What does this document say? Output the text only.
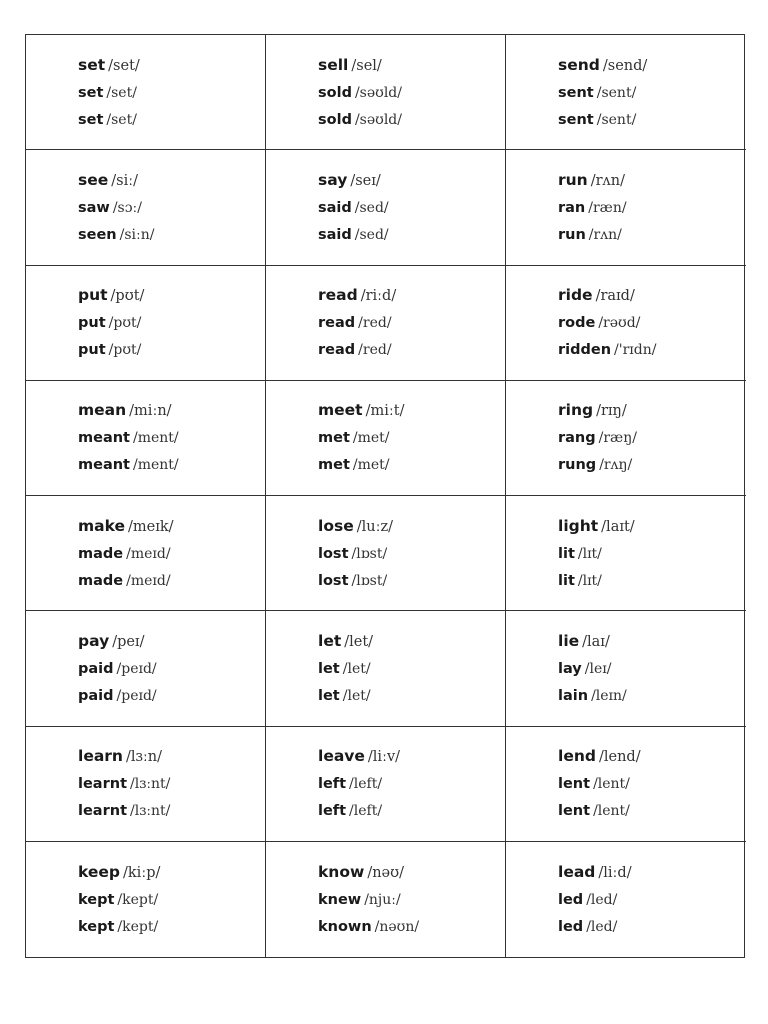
set /set/
set /set/
set /set/
sell /sel/
sold /səʊld/
sold /səʊld/
send /send/
sent /sent/
sent /sent/
see /siː/
saw /sɔː/
seen /siːn/
say /seɪ/
said /sed/
said /sed/
run /rʌn/
ran /ræn/
run /rʌn/
put /pʊt/
put /pʊt/
put /pʊt/
read /riːd/
read /red/
read /red/
ride /raɪd/
rode /rəʊd/
ridden /'rɪdn/
mean /miːn/
meant /ment/
meant /ment/
meet /miːt/
met /met/
met /met/
ring /rɪŋ/
rang /ræŋ/
rung /rʌŋ/
make /meɪk/
made /meɪd/
made /meɪd/
lose /luːz/
lost /lɒst/
lost /lɒst/
light /laɪt/
lit /lɪt/
lit /lɪt/
pay /peɪ/
paid /peɪd/
paid /peɪd/
let /let/
let /let/
let /let/
lie /laɪ/
lay /leɪ/
lain /leɪn/
learn /lɜːn/
learnt /lɜːnt/
learnt /lɜːnt/
leave /liːv/
left /left/
left /left/
lend /lend/
lent /lent/
lent /lent/
keep /kiːp/
kept /kept/
kept /kept/
know /nəʊ/
knew /njuː/
known /nəʊn/
lead /liːd/
led /led/
led /led/
